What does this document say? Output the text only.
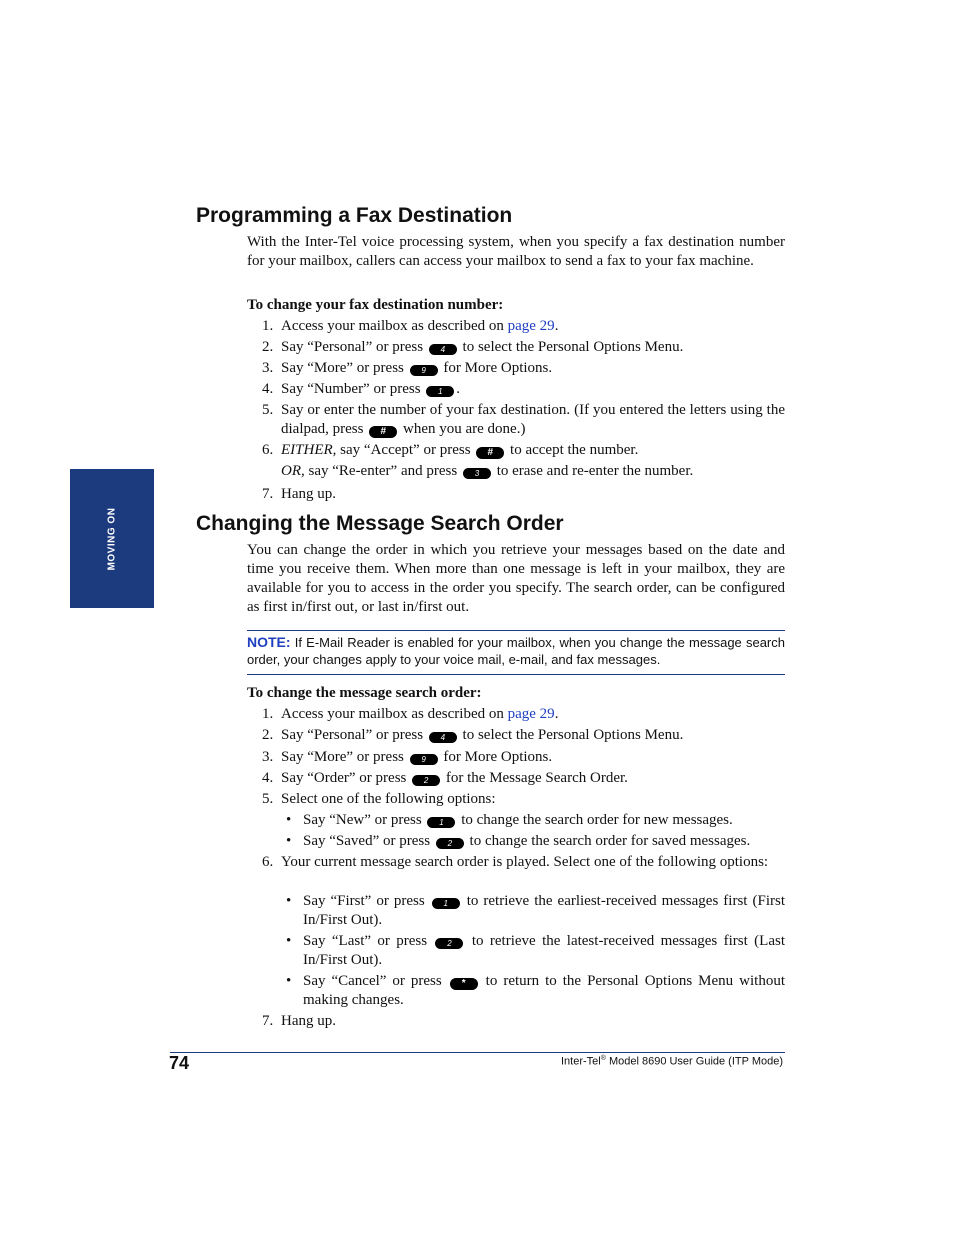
MOVING ON
Programming a Fax Destination

With the Inter-Tel voice processing system, when you specify a fax destination number for your mailbox, callers can access your mailbox to send a fax to your fax machine.

To change your fax destination number:

1. Access your mailbox as described on page 29.
2. Say “Personal” or press 4 to select the Personal Options Menu.
3. Say “More” or press 9 for More Options.
4. Say “Number” or press 1 .
5. Say or enter the number of your fax destination. (If you entered the letters using the dialpad, press # when you are done.)
6. EITHER, say “Accept” or press # to accept the number.
OR, say “Re-enter” and press 3 to erase and re-enter the number.
7. Hang up.
Changing the Message Search Order

You can change the order in which you retrieve your messages based on the date and time you receive them. When more than one message is left in your mailbox, they are available for you to access in the order you specify. The search order, can be configured as first in/first out, or last in/first out.

NOTE: If E-Mail Reader is enabled for your mailbox, when you change the message search order, your changes apply to your voice mail, e-mail, and fax messages.

To change the message search order:

1. Access your mailbox as described on page 29.
2. Say “Personal” or press 4 to select the Personal Options Menu.
3. Say “More” or press 9 for More Options.
4. Say “Order” or press 2 for the Message Search Order.
5. Select one of the following options:
• Say “New” or press 1 to change the search order for new messages.
• Say “Saved” or press 2 to change the search order for saved messages.
6. Your current message search order is played. Select one of the following options:
• Say “First” or press 1 to retrieve the earliest-received messages first (First In/First Out).
• Say “Last” or press 2 to retrieve the latest-received messages first (Last In/First Out).
• Say “Cancel” or press * to return to the Personal Options Menu without making changes.
7. Hang up.
74	Inter-Tel® Model 8690 User Guide (ITP Mode)
